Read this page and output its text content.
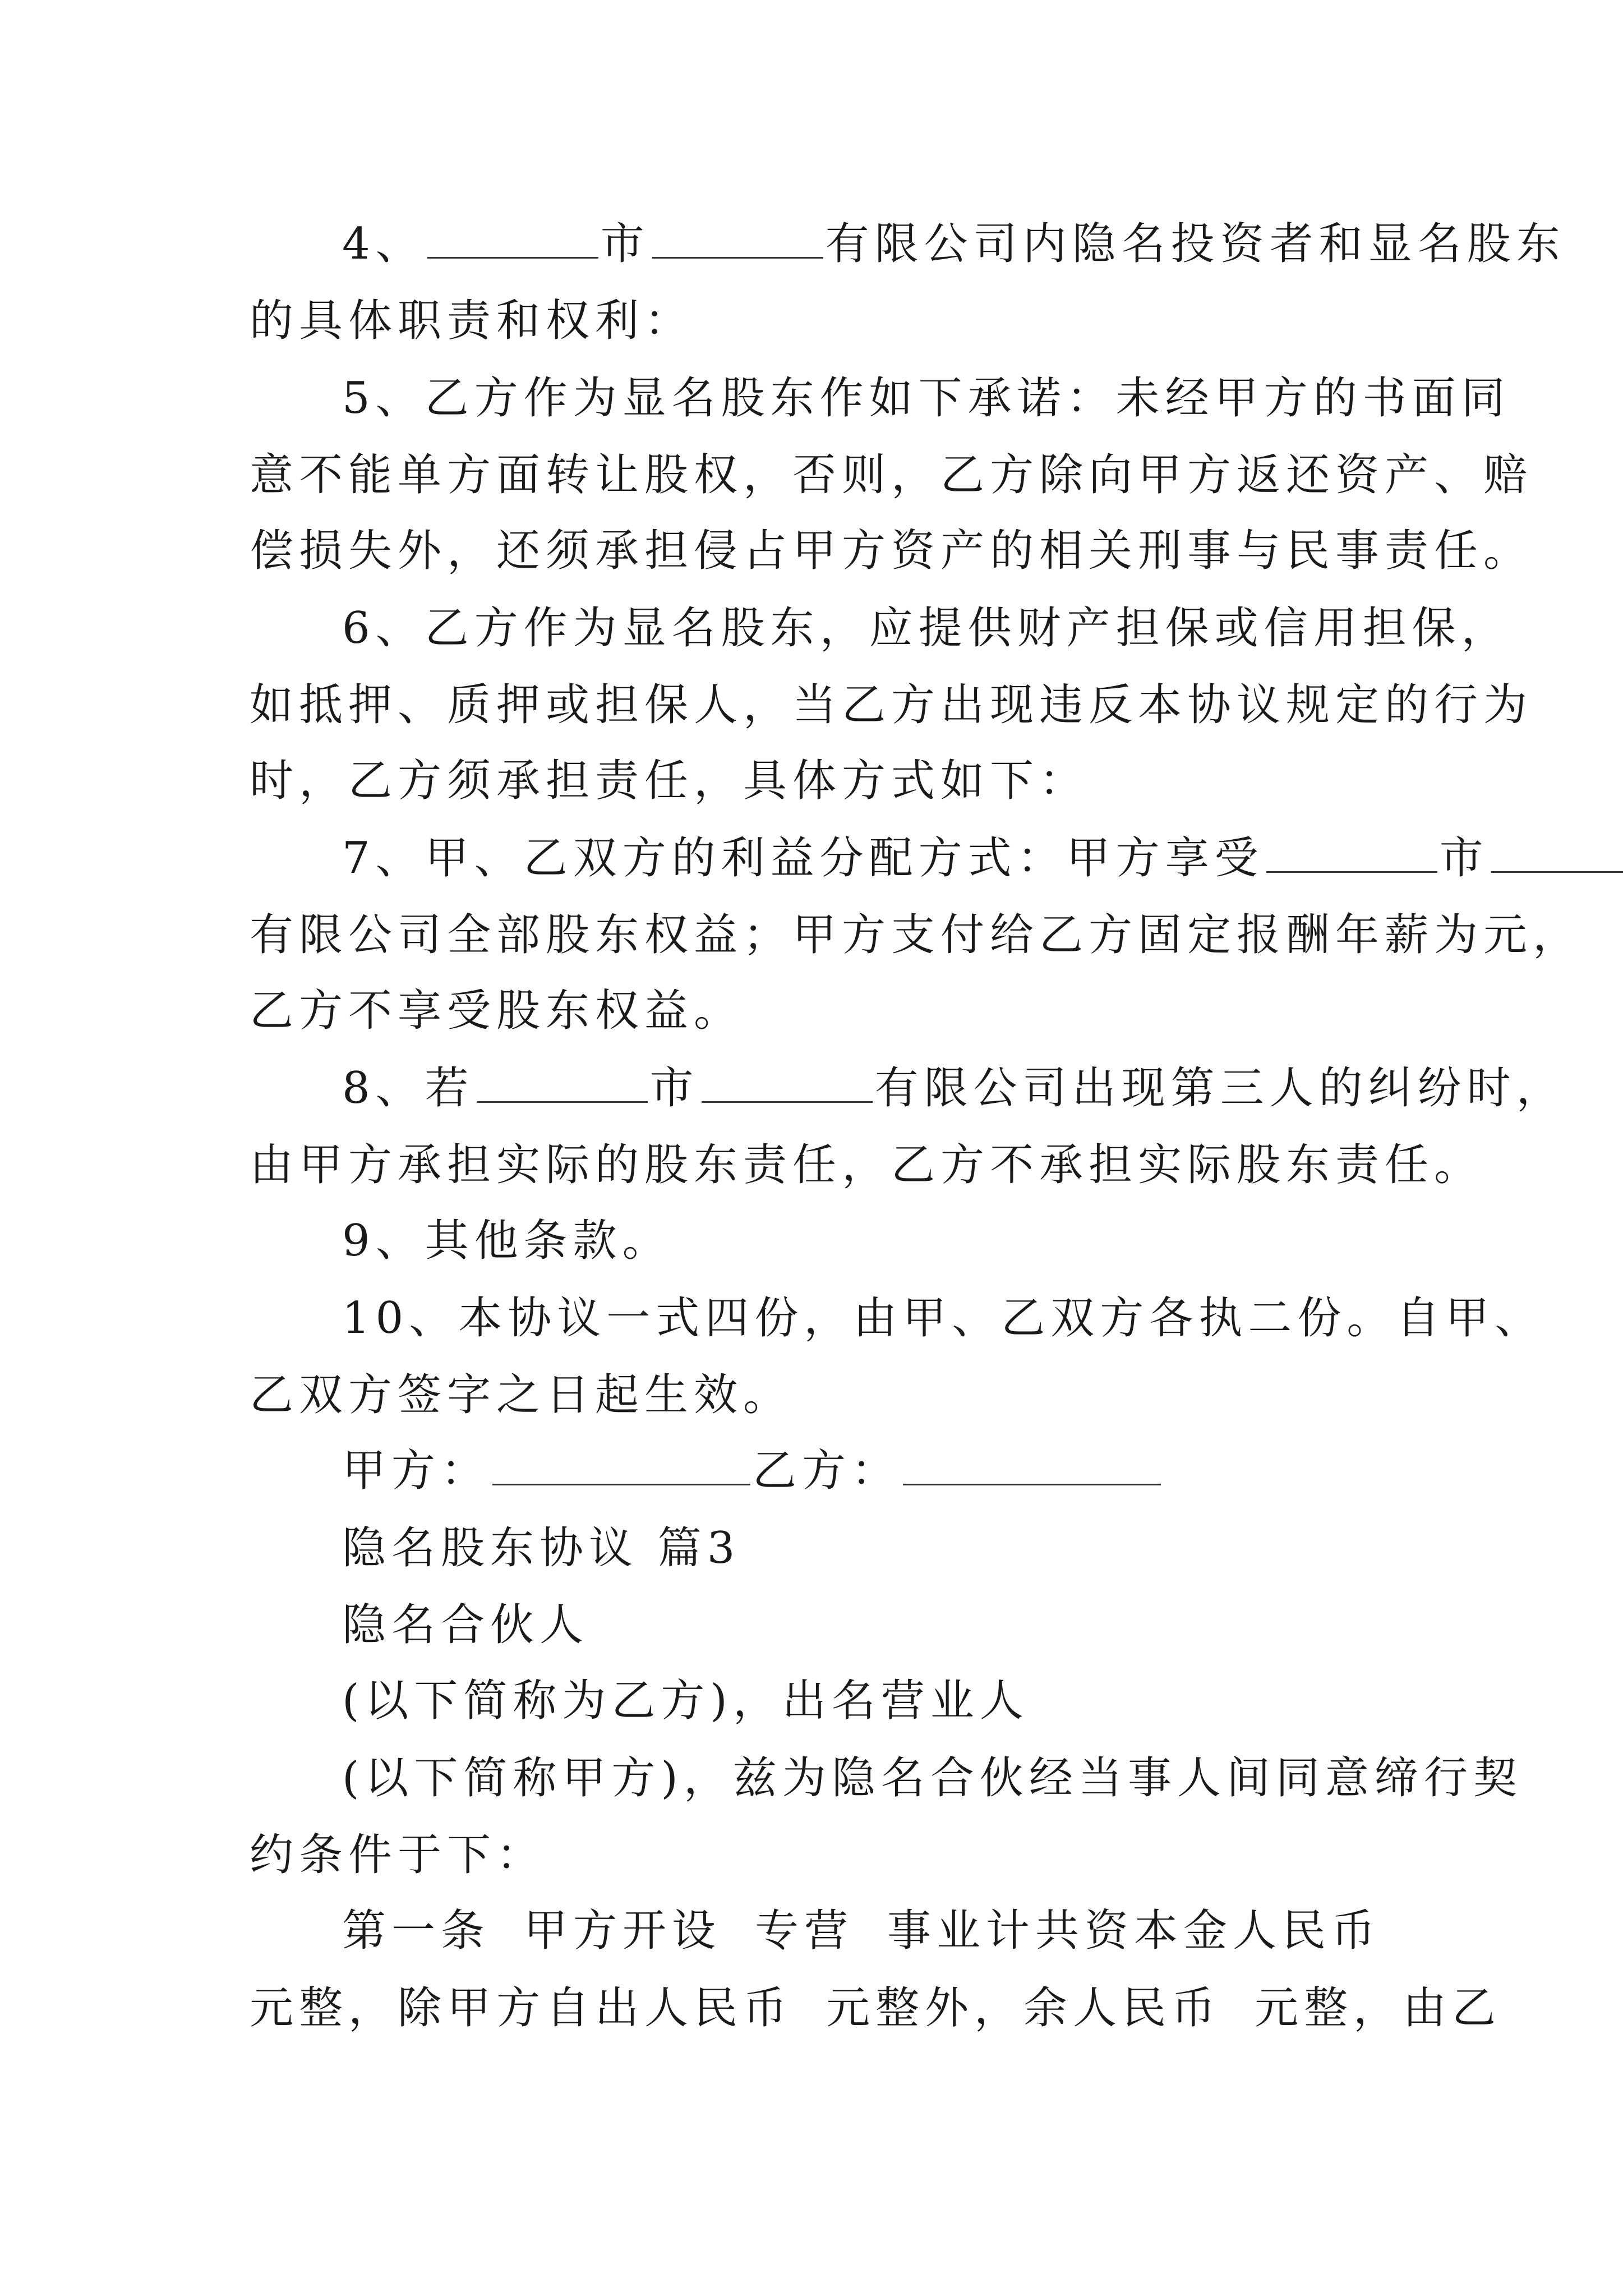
4、	市	有限公司内隐名投资者和显名股东
的具体职责和权利：
5、乙方作为显名股东作如下承诺：未经甲方的书面同
意不能单方面转让股权，否则，乙方除向甲方返还资产、赔
偿损失外，还须承担侵占甲方资产的相关刑事与民事责任。
6、乙方作为显名股东，应提供财产担保或信用担保，
如抵押、质押或担保人，当乙方出现违反本协议规定的行为
时，乙方须承担责任，具体方式如下：
7、甲、乙双方的利益分配方式：甲方享受	市
有限公司全部股东权益；甲方支付给乙方固定报酬年薪为元，
乙方不享受股东权益。
8、若	市	有限公司出现第三人的纠纷时，
由甲方承担实际的股东责任，乙方不承担实际股东责任。
9、其他条款。
10、本协议一式四份，由甲、乙双方各执二份。自甲、
乙双方签字之日起生效。
甲方：	乙方：
隐名股东协议 篇3
隐名合伙人
(以下简称为乙方)，出名营业人
(以下简称甲方)，兹为隐名合伙经当事人间同意缔行契
约条件于下：
第一条 甲方开设 专营 事业计共资本金人民币
元整，除甲方自出人民币 元整外，余人民币 元整，由乙
